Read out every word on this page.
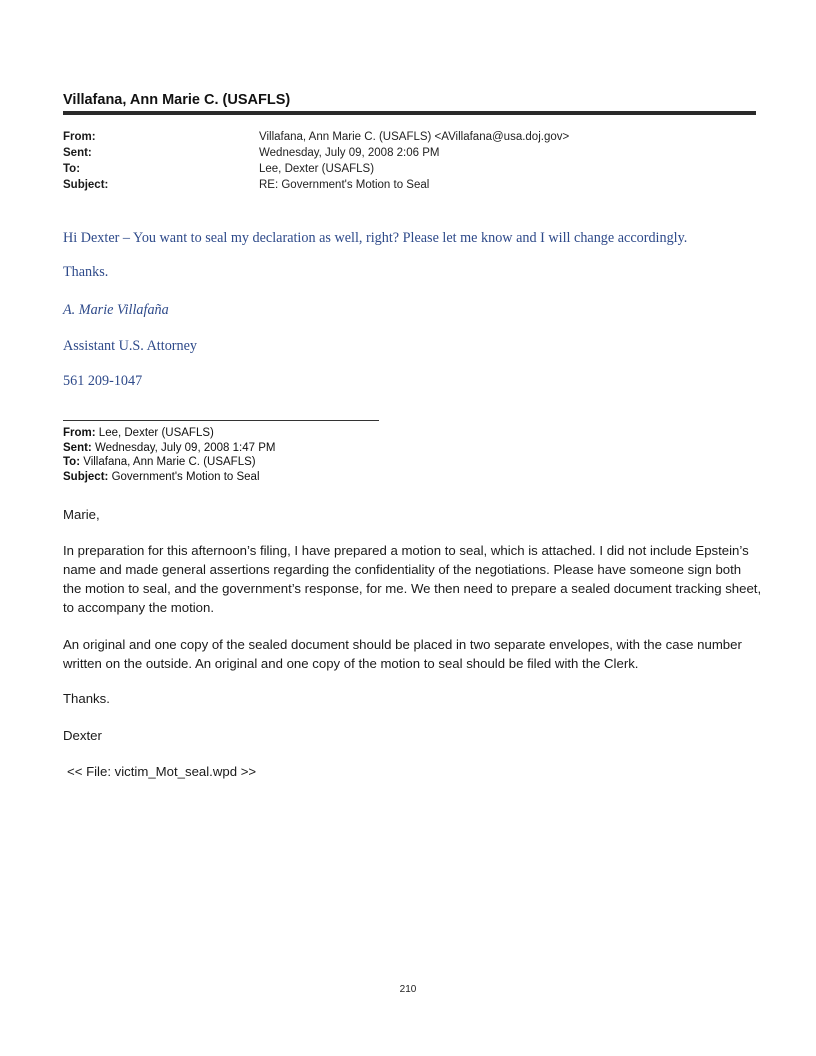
Villafana, Ann Marie C. (USAFLS)
From:	Villafana, Ann Marie C. (USAFLS) <AVillafana@usa.doj.gov>
Sent:	Wednesday, July 09, 2008 2:06 PM
To:	Lee, Dexter (USAFLS)
Subject:	RE: Government's Motion to Seal
Hi Dexter – You want to seal my declaration as well, right? Please let me know and I will change accordingly.
Thanks.
A. Marie Villafaña
Assistant U.S. Attorney
561 209-1047
From: Lee, Dexter (USAFLS)
Sent: Wednesday, July 09, 2008 1:47 PM
To: Villafana, Ann Marie C. (USAFLS)
Subject: Government's Motion to Seal
Marie,
In preparation for this afternoon’s filing, I have prepared a motion to seal, which is attached. I did not include Epstein’s name and made general assertions regarding the confidentiality of the negotiations. Please have someone sign both the motion to seal, and the government’s response, for me. We then need to prepare a sealed document tracking sheet, to accompany the motion.
An original and one copy of the sealed document should be placed in two separate envelopes, with the case number written on the outside. An original and one copy of the motion to seal should be filed with the Clerk.
Thanks.
Dexter
<< File: victim_Mot_seal.wpd >>
210
